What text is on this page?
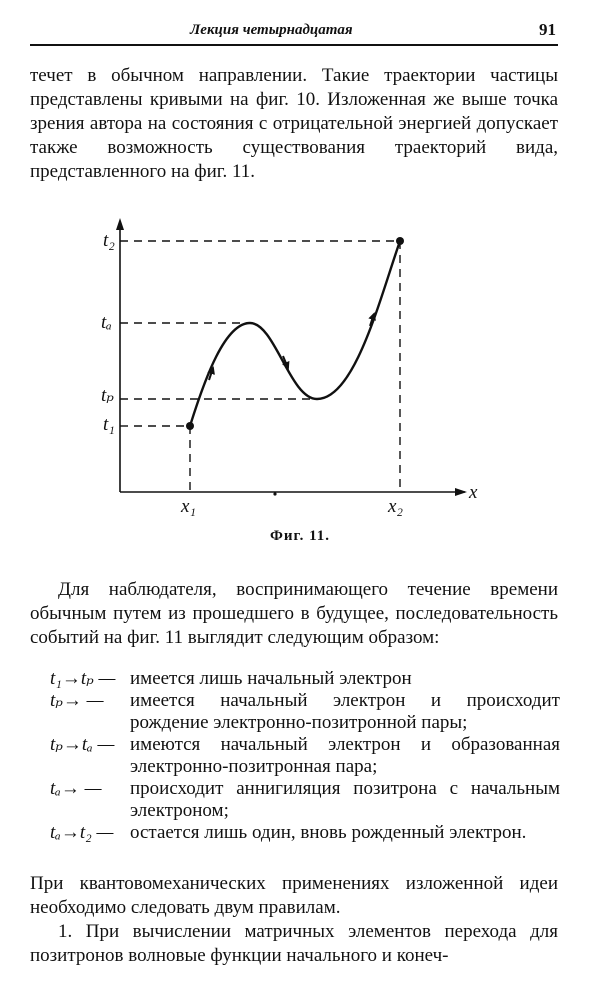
Лекция четырнадцатая	91
течет в обычном направлении. Такие траектории частицы представлены кривыми на фиг. 10. Изложенная же выше точка зрения автора на состояния с отрицательной энергией допускает также возможность существования траекторий вида, представленного на фиг. 11.
t₂
tₐ
tₚ
t₁
x₁	x₂
x
Фиг. 11.
Для наблюдателя, воспринимающего течение времени обычным путем из прошедшего в будущее, последовательность событий на фиг. 11 выглядит следующим образом:
t₁→tₚ — имеется лишь начальный электрон
tₚ→ —	имеется начальный электрон и происходит рождение электронно-позитронной пары;
tₚ→tₐ — имеются начальный электрон и образованная электронно-позитронная пара;
tₐ→ —	происходит аннигиляция позитрона с начальным электроном;
tₐ→t₂ — остается лишь один, вновь рожденный электрон.
При квантовомеханических применениях изложенной идеи необходимо следовать двум правилам.
1. При вычислении матричных элементов перехода для позитронов волновые функции начального и конеч-
